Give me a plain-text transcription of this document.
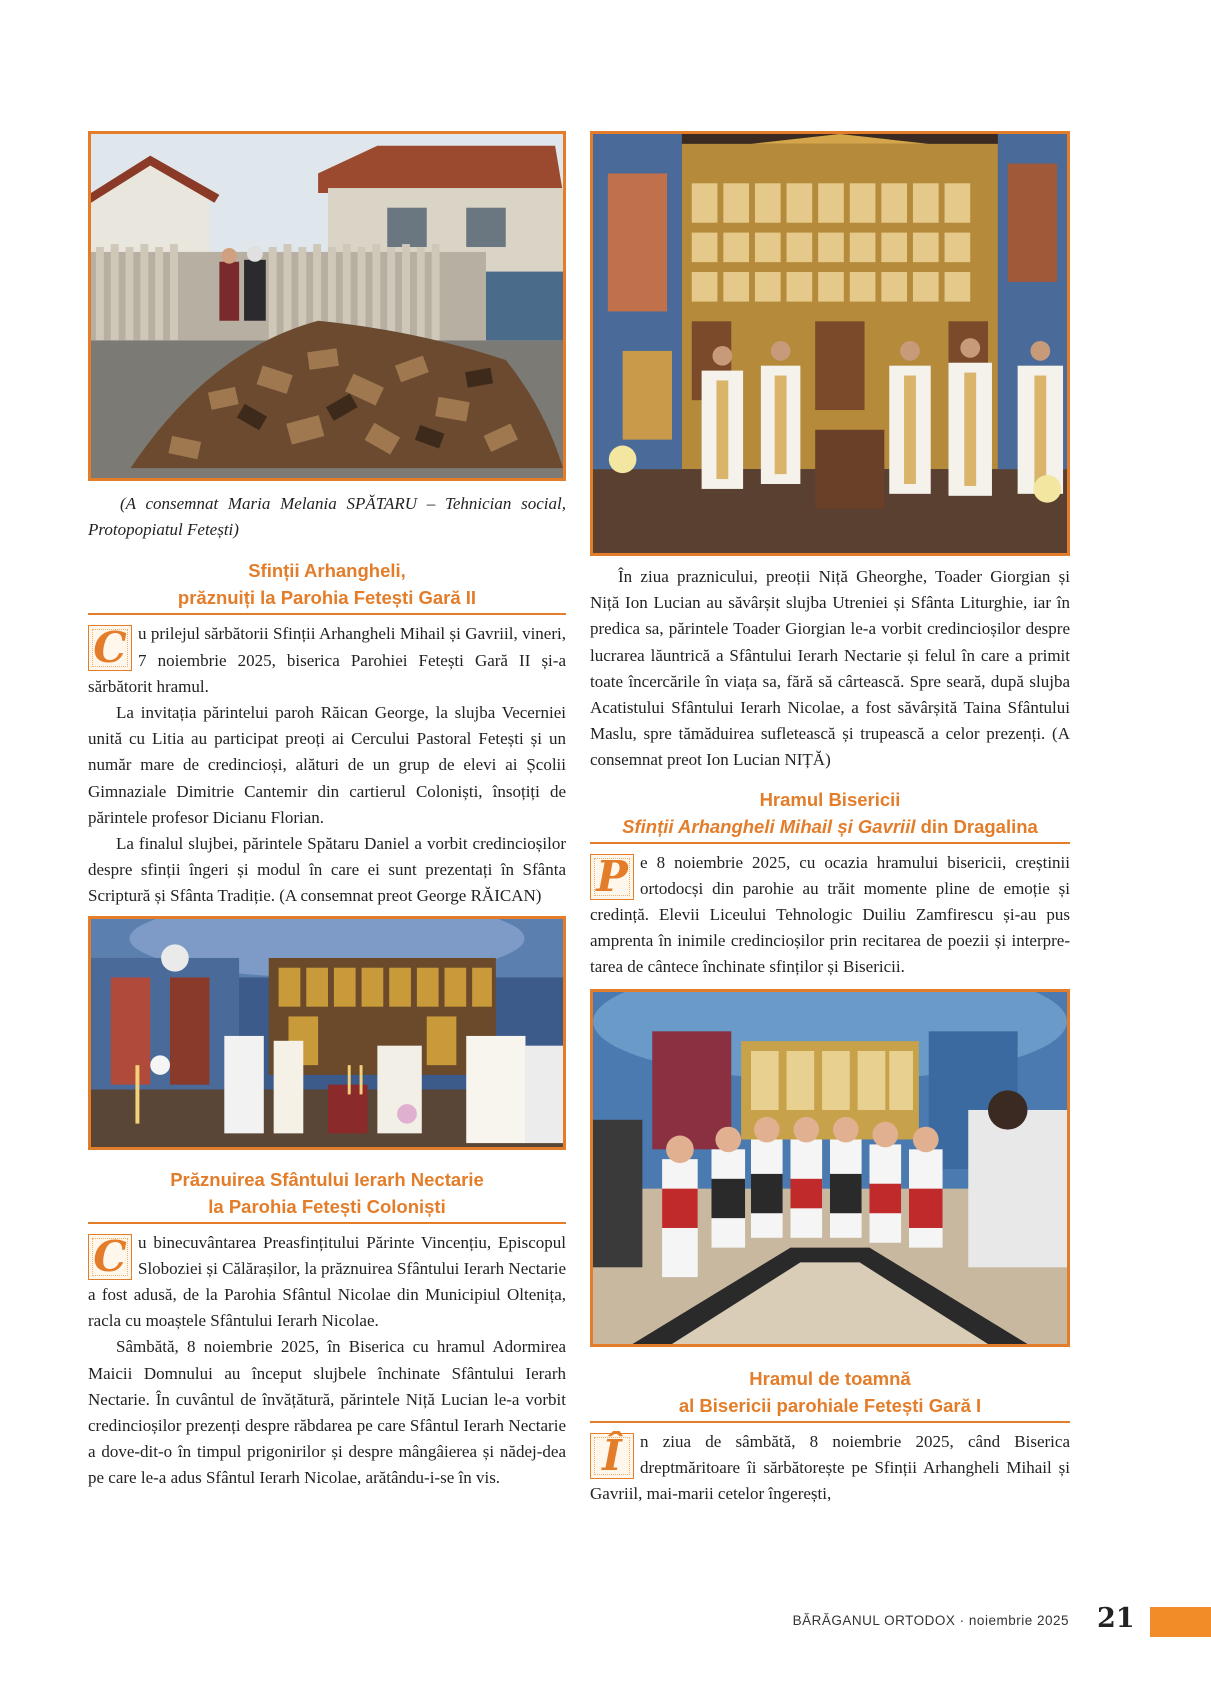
(A consemnat Maria Melania SPĂTARU – Tehnician social, Protopopiatul Fetești)

Sfinții Arhangheli,
prăznuiți la Parohia Fetești Gară II
C u prilejul sărbătorii Sfinții Arhangheli Mihail și Gavriil, vineri, 7 noiembrie 2025, biserica Parohiei Fetești Gară II și-a sărbătorit hramul.

La invitația părintelui paroh Răican George, la slujba Vecerniei unită cu Litia au participat preoți ai Cercului Pastoral Fetești și un număr mare de credincioși, alături de un grup de elevi ai Școlii Gimnaziale Dimitrie Cantemir din cartierul Coloniști, însoțiți de părintele profesor Dicianu Florian.

La finalul slujbei, părintele Spătaru Daniel a vorbit credincioșilor despre sfinții îngeri și modul în care ei sunt prezentați în Sfânta Scriptură și Sfânta Tradiție. (A consemnat preot George RĂICAN)

Prăznuirea Sfântului Ierarh Nectarie
la Parohia Fetești Coloniști
C u binecuvântarea Preasfințitului Părinte Vincențiu, Episcopul Sloboziei și Călărașilor, la prăznuirea Sfântului Ierarh Nectarie a fost adusă, de la Parohia Sfântul Nicolae din Municipiul Oltenița, racla cu moaștele Sfântului Ierarh Nicolae.

Sâmbătă, 8 noiembrie 2025, în Biserica cu hramul Adormirea Maicii Domnului au început slujbele închinate Sfântului Ierarh Nectarie. În cuvântul de învățătură, părintele Niță Lucian le-a vorbit credincioșilor prezenți despre răbdarea pe care Sfântul Ierarh Nectarie a dove-dit-o în timpul prigonirilor și despre mângâierea și nădej-dea pe care le-a adus Sfântul Ierarh Nicolae, arătându-i-se în vis.

În ziua praznicului, preoții Niță Gheorghe, Toader Giorgian și Niță Ion Lucian au săvârșit slujba Utreniei și Sfânta Liturghie, iar în predica sa, părintele Toader Giorgian le-a vorbit credincioșilor despre lucrarea lăuntrică a Sfântului Ierarh Nectarie și felul în care a primit toate încercările în viața sa, fără să cârtească. Spre seară, după slujba Acatistului Sfântului Ierarh Nicolae, a fost săvârșită Taina Sfântului Maslu, spre tămăduirea sufletească și trupească a celor prezenți. (A consemnat preot Ion Lucian NIȚĂ)

Hramul Bisericii
Sfinții Arhangheli Mihail și Gavriil din Dragalina
P e 8 noiembrie 2025, cu ocazia hramului bisericii, creștinii ortodocși din parohie au trăit momente pline de emoție și credință. Elevii Liceului Tehnologic Duiliu Zamfirescu și-au pus amprenta în inimile credincioșilor prin recitarea de poezii și interpre-tarea de cântece închinate sfinților și Bisericii.

Hramul de toamnă
al Bisericii parohiale Fetești Gară I
Î	n ziua de sâmbătă, 8 noiembrie 2025, când Biserica dreptmăritoare îi sărbătorește pe Sfinții Arhangheli Mihail și Gavriil, mai-marii cetelor îngerești,

BĂRĂGANUL ORTODOX · noiembrie 2025 21
